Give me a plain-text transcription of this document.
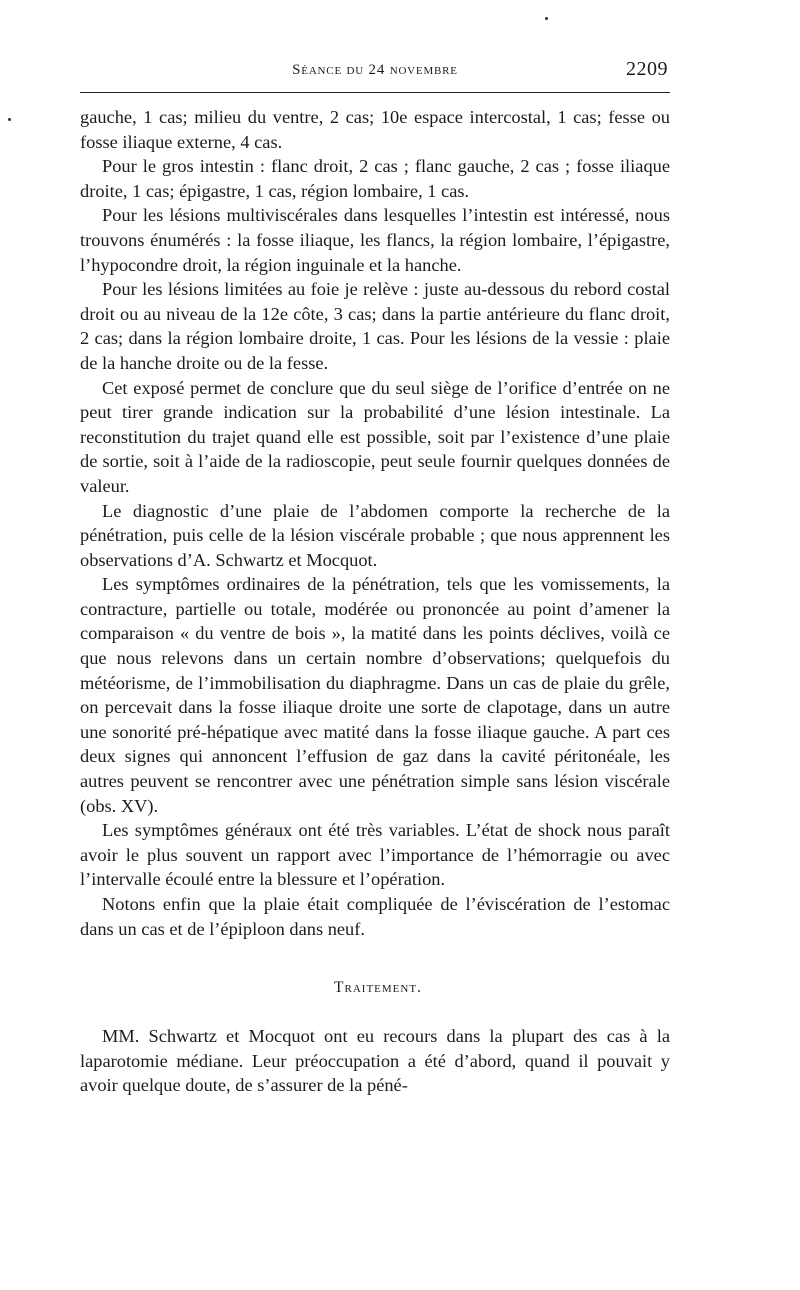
Séance du 24 novembre	2209

gauche, 1 cas; milieu du ventre, 2 cas; 10e espace intercostal, 1 cas; fesse ou fosse iliaque externe, 4 cas.

Pour le gros intestin : flanc droit, 2 cas ; flanc gauche, 2 cas ; fosse iliaque droite, 1 cas; épigastre, 1 cas, région lombaire, 1 cas.

Pour les lésions multiviscérales dans lesquelles l’intestin est intéressé, nous trouvons énumérés : la fosse iliaque, les flancs, la région lombaire, l’épigastre, l’hypocondre droit, la région inguinale et la hanche.

Pour les lésions limitées au foie je relève : juste au-dessous du rebord costal droit ou au niveau de la 12e côte, 3 cas; dans la partie antérieure du flanc droit, 2 cas; dans la région lombaire droite, 1 cas. Pour les lésions de la vessie : plaie de la hanche droite ou de la fesse.

Cet exposé permet de conclure que du seul siège de l’orifice d’entrée on ne peut tirer grande indication sur la probabilité d’une lésion intestinale. La reconstitution du trajet quand elle est possible, soit par l’existence d’une plaie de sortie, soit à l’aide de la radioscopie, peut seule fournir quelques données de valeur.

Le diagnostic d’une plaie de l’abdomen comporte la recherche de la pénétration, puis celle de la lésion viscérale probable ; que nous apprennent les observations d’A. Schwartz et Mocquot.

Les symptômes ordinaires de la pénétration, tels que les vomissements, la contracture, partielle ou totale, modérée ou prononcée au point d’amener la comparaison « du ventre de bois », la matité dans les points déclives, voilà ce que nous relevons dans un certain nombre d’observations; quelquefois du météorisme, de l’immobilisation du diaphragme. Dans un cas de plaie du grêle, on percevait dans la fosse iliaque droite une sorte de clapotage, dans un autre une sonorité pré-hépatique avec matité dans la fosse iliaque gauche. A part ces deux signes qui annoncent l’effusion de gaz dans la cavité péritonéale, les autres peuvent se rencontrer avec une pénétration simple sans lésion viscérale (obs. XV).

Les symptômes généraux ont été très variables. L’état de shock nous paraît avoir le plus souvent un rapport avec l’importance de l’hémorragie ou avec l’intervalle écoulé entre la blessure et l’opération.

Notons enfin que la plaie était compliquée de l’éviscération de l’estomac dans un cas et de l’épiploon dans neuf.

Traitement.

MM. Schwartz et Mocquot ont eu recours dans la plupart des cas à la laparotomie médiane. Leur préoccupation a été d’abord, quand il pouvait y avoir quelque doute, de s’assurer de la péné-
